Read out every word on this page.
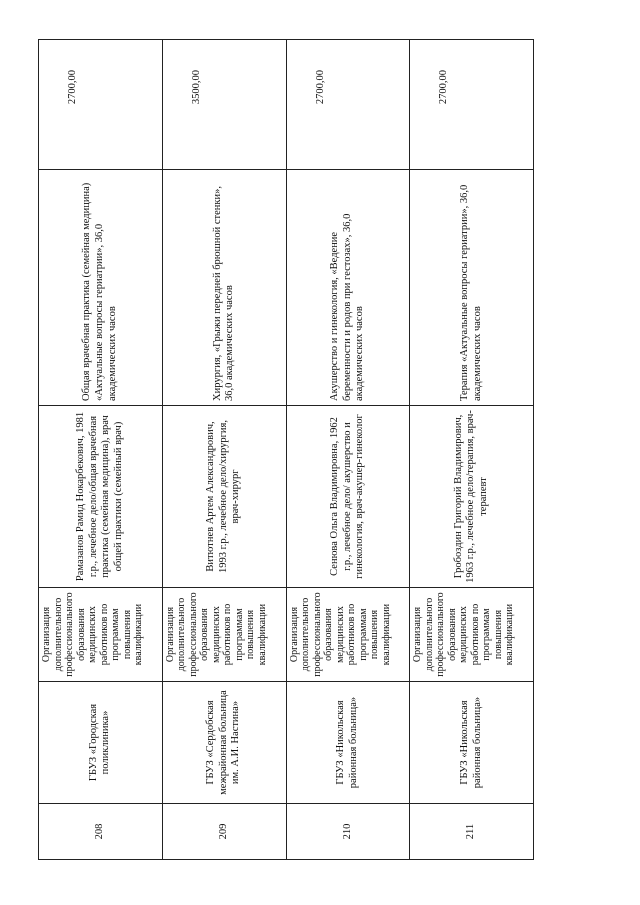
208	ГБУЗ «Городская поликлиника»	Организация дополнительного профессионального образования медицинских работников по программам повышения квалификации	Рамазанов Рамид Нокарбекович, 1981 г.р., лечебное дело/общая врачебная практика (семейная медицина), врач общей практики (семейный врач)	Общая врачебная практика (семейная медицина) «Актуальные вопросы гериатрии», 36,0 академических часов	2700,00
209	ГБУЗ «Сердобская межрайонная больница им. А.И. Настина»	Организация дополнительного профессионального образования медицинских работников по программам повышения квалификации	Витютнев Артем Александрович, 1993 г.р., лечебное дело/хирургия, врач-хирург	Хирургия, «Грыжи передней брюшной стенки», 36,0 академических часов	3500,00
210	ГБУЗ «Никольская районная больница»	Организация дополнительного профессионального образования медицинских работников по программам повышения квалификации	Сенюва Ольга Владимировна, 1962 г.р., лечебное дело/ акушерство и гинекология, врач-акушер-гинеколог	Акушерство и гинекология, «Ведение беременности и родов при гестозах», 36,0 академических часов	2700,00
211	ГБУЗ «Никольская районная больница»	Организация дополнительного профессионального образования медицинских работников по программам повышения квалификации	Гробоздин Григорий Владимирович, 1963 г.р., лечебное дело/терапия, врач-терапевт	Терапия «Актуальные вопросы гериатрии», 36,0 академических часов	2700,00
